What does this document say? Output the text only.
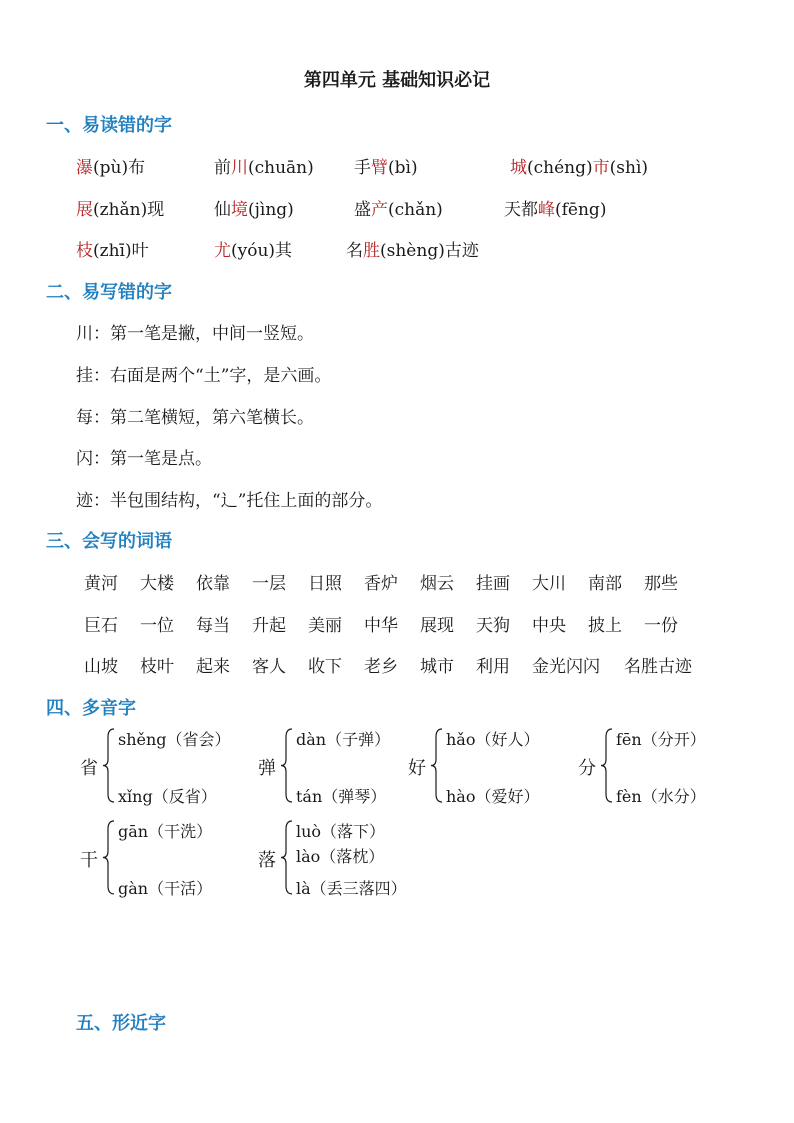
第四单元 基础知识必记
一、易读错的字
瀑(pù)布	前川(chuān) 手臂(bì)	城(chéng)市(shì)
展(zhǎn)现	仙境(jìng)	盛产(chǎn)	天都峰(fēng)
枝(zhī)叶	尤(yóu)其	名胜(shèng)古迹
二、易写错的字
川：第一笔是撇，中间一竖短。
挂：右面是两个“土”字，是六画。
每：第二笔横短，第六笔横长。
闪：第一笔是点。
迹：半包围结构，“辶”托住上面的部分。
三、会写的词语
黄河 大楼 依靠 一层 日照 香炉 烟云 挂画 大川 南部 那些
巨石 一位 每当 升起 美丽 中华 展现 天狗 中央 披上 一份
山坡 枝叶 起来 客人 收下 老乡 城市 利用 金光闪闪 名胜古迹
四、多音字
省
shěng（省会）
xǐng（反省）
弹
dàn（子弹）
tán（弹琴）
好
hǎo（好人）
hào（爱好）
分
fēn（分开）
fèn（水分）
干
gān（干洗）
gàn（干活）
落
luò（落下）
lào（落枕）
là（丢三落四）
五、形近字
